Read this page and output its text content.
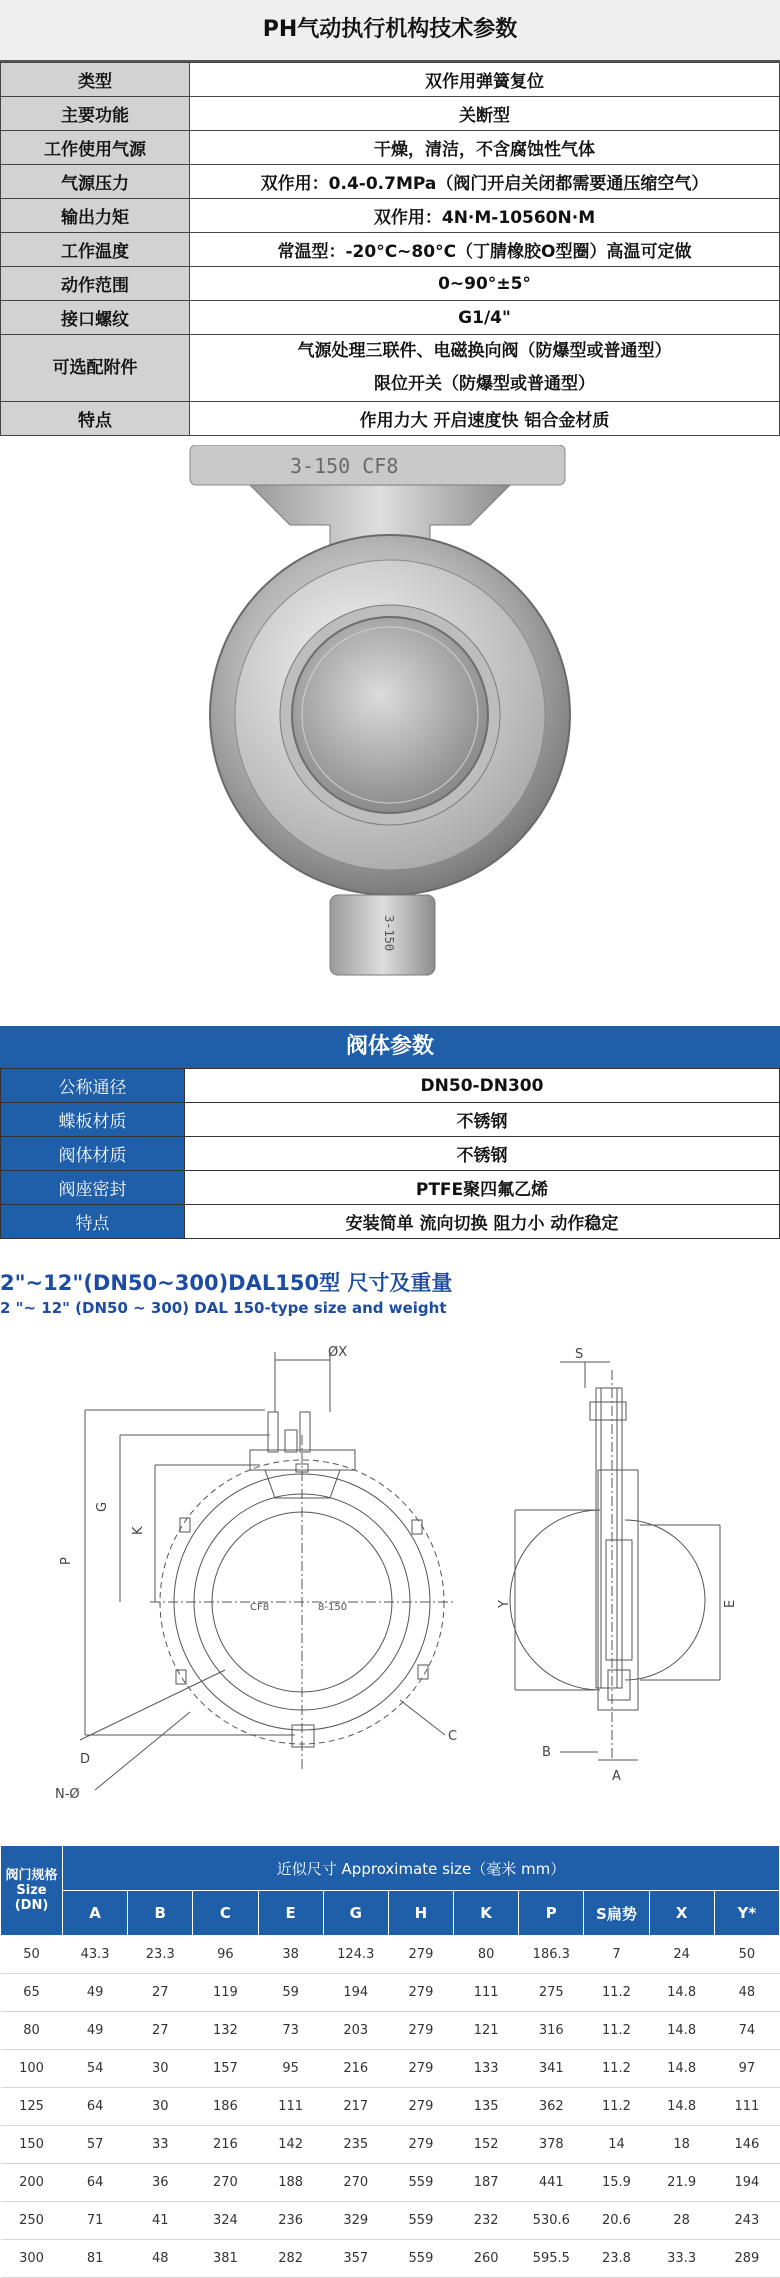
PH气动执行机构技术参数
类型	双作用弹簧复位
主要功能	关断型
工作使用气源	干燥，清洁，不含腐蚀性气体
气源压力	双作用：0.4-0.7MPa（阀门开启关闭都需要通压缩空气）
输出力矩	双作用：4N·M-10560N·M
工作温度	常温型：-20°C~80°C（丁腈橡胶O型圈）高温可定做
动作范围	0~90°±5°
接口螺纹	G1/4"
可选配附件	气源处理三联件、电磁换向阀（防爆型或普通型）
限位开关（防爆型或普通型）

特点	作用力大 开启速度快 铝合金材质
3-150 CF8
3-150
阀体参数
公称通径	DN50-DN300
蝶板材质	不锈钢
阀体材质	不锈钢
阀座密封	PTFE聚四氟乙烯
特点	安装简单 流向切换 阻力小 动作稳定
2"~12"(DN50~300)DAL150型 尺寸及重量
2 "~ 12" (DN50 ~ 300) DAL 150-type size and weight
ØX
G
K
P
D
C
N-Ø
CF8	8-150
S
Y	E
B
A
阀门规格
Size
(DN)	近似尺寸 Approximate size（毫米 mm）										
	A	B	C	E	G	H	K	P	S扁势	X	Y*
50	43.3	23.3	96	38	124.3	279	80	186.3	7	24	50
65	49	27	119	59	194	279	111	275	11.2	14.8	48
80	49	27	132	73	203	279	121	316	11.2	14.8	74
100	54	30	157	95	216	279	133	341	11.2	14.8	97
125	64	30	186	111	217	279	135	362	11.2	14.8	111
150	57	33	216	142	235	279	152	378	14	18	146
200	64	36	270	188	270	559	187	441	15.9	21.9	194
250	71	41	324	236	329	559	232	530.6	20.6	28	243
300	81	48	381	282	357	559	260	595.5	23.8	33.3	289
